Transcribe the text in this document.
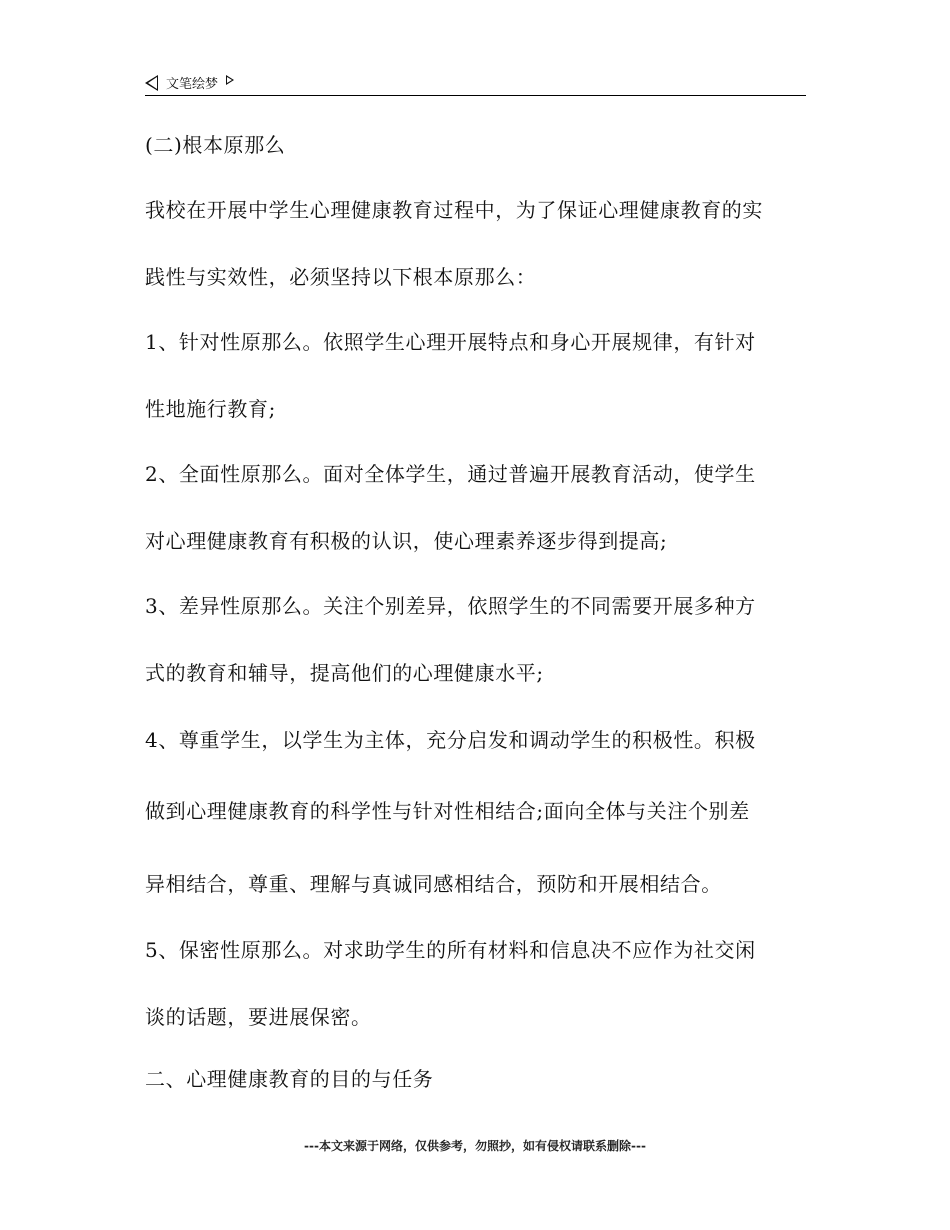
文笔绘梦
(二)根本原那么
我校在开展中学生心理健康教育过程中，为了保证心理健康教育的实
践性与实效性，必须坚持以下根本原那么：
1、针对性原那么。依照学生心理开展特点和身心开展规律，有针对
性地施行教育;
2、全面性原那么。面对全体学生，通过普遍开展教育活动，使学生
对心理健康教育有积极的认识，使心理素养逐步得到提高;
3、差异性原那么。关注个别差异，依照学生的不同需要开展多种方
式的教育和辅导，提高他们的心理健康水平;
4、尊重学生，以学生为主体，充分启发和调动学生的积极性。积极
做到心理健康教育的科学性与针对性相结合;面向全体与关注个别差
异相结合，尊重、理解与真诚同感相结合，预防和开展相结合。
5、保密性原那么。对求助学生的所有材料和信息决不应作为社交闲
谈的话题，要进展保密。
二、心理健康教育的目的与任务
---本文来源于网络，仅供参考，勿照抄，如有侵权请联系删除---
